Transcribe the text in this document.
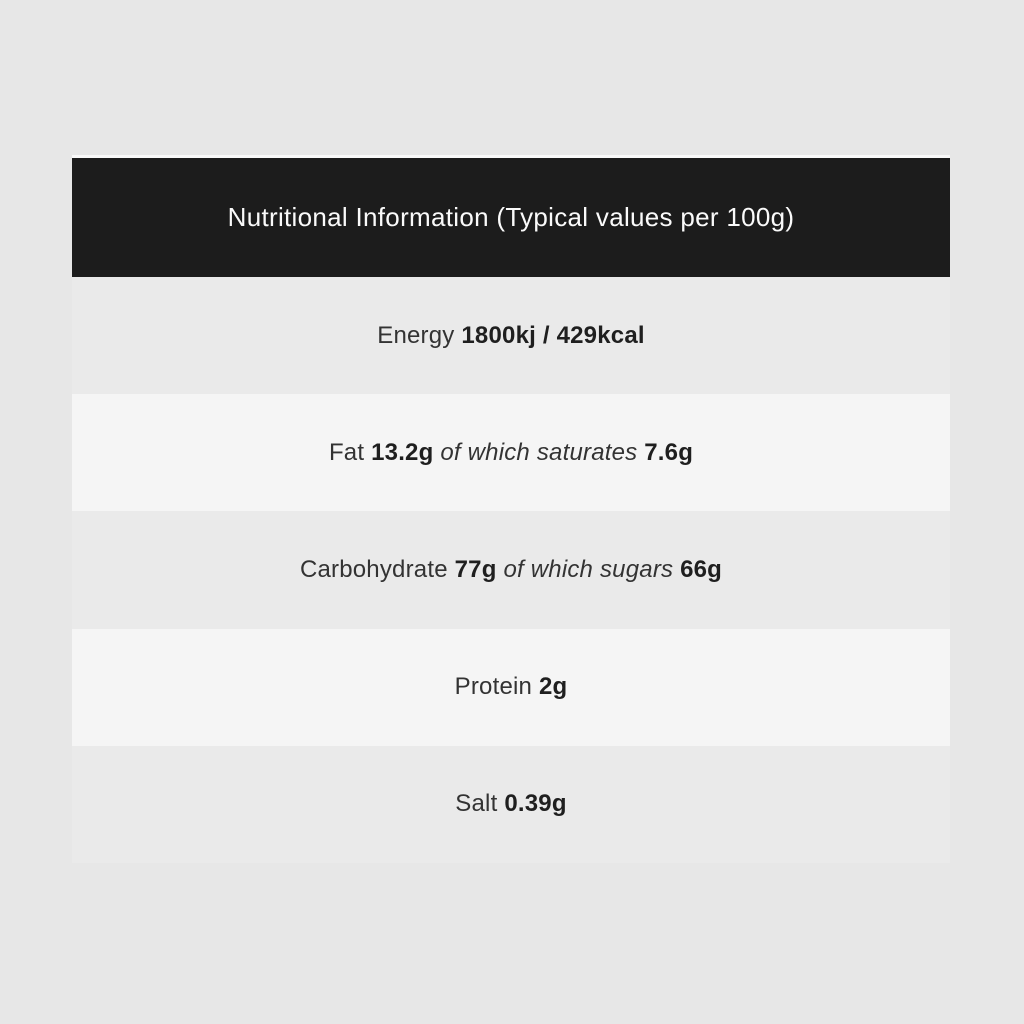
Nutritional Information (Typical values per 100g)
Energy 1800kj / 429kcal
Fat 13.2g of which saturates 7.6g
Carbohydrate 77g of which sugars 66g
Protein 2g
Salt 0.39g
